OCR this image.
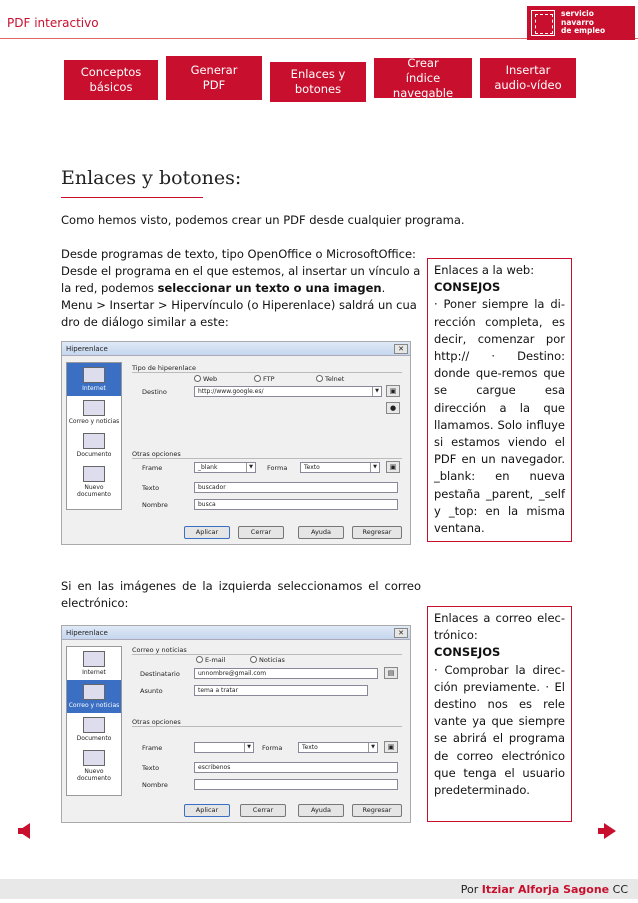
PDF interactivo
servicio
navarro
de empleo
Conceptos
básicos
Generar
PDF
Enlaces y
botones
Crear
índice navegable
Insertar
audio-vídeo
Enlaces y botones:
Como hemos visto, podemos crear un PDF desde cualquier programa.
Desde programas de texto, tipo OpenOffice o MicrosoftOffice:
Desde el programa en el que estemos, al insertar un vínculo a
la red, podemos seleccionar un texto o una imagen.
Menu > Insertar > Hipervínculo (o Hiperenlace) saldrá un cua
dro de diálogo similar a este:
Enlaces a la web:
CONSEJOS
· Poner siempre la di-rección completa, es decir, comenzar por http:// · Destino: donde que-remos que se cargue esa dirección a la que llamamos. Solo influye si estamos viendo el PDF en un navegador. _blank: en nueva pestaña _parent, _self y _top: en la misma ventana.
Hiperenlace	✕
Internet
Correo y noticias
Documento
Nuevo documento
Tipo de hiperenlace
Web	FTP	Telnet
Destino	http://www.google.es/	▼	▣
●
Otras opciones
Frame	_blank	▼	Forma	Texto	▼	▣
Texto	buscador
Nombre	busca
Aplicar	Cerrar	Ayuda	Regresar
Si en las imágenes de la izquierda seleccionamos el correo electrónico:
Enlaces a correo elec-trónico:
CONSEJOS
· Comprobar la direc-ción previamente. · El destino nos es rele vante ya que siempre se abrirá el programa de correo electrónico que tenga el usuario predeterminado.
Hiperenlace	✕
Internet
Correo y noticias
Documento
Nuevo documento
Correo y noticias
E-mail	Noticias
Destinatario	unnombre@gmail.com	▤
Asunto	tema a tratar
Otras opciones
Frame	▼	Forma	Texto	▼	▣
Texto	escribenos
Nombre
Aplicar	Cerrar	Ayuda	Regresar
Por Itziar Alforja Sagone CC
